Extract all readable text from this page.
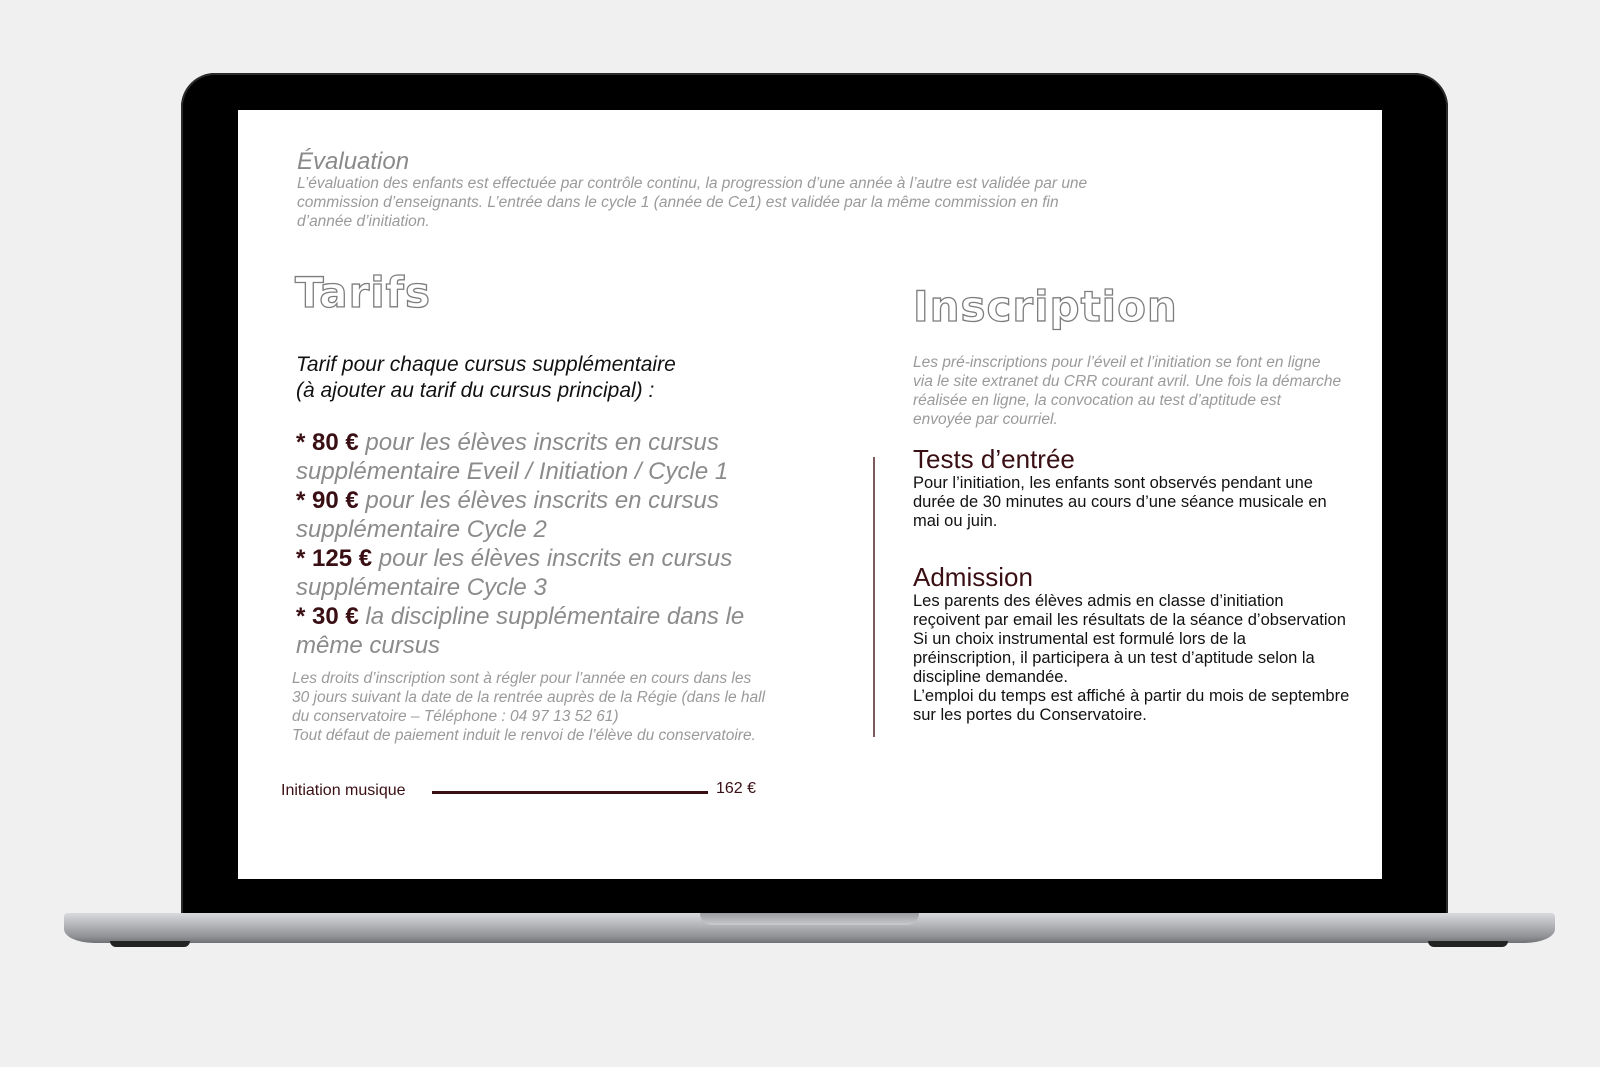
Évaluation
L’évaluation des enfants est effectuée par contrôle continu, la progression d’une année à l’autre est validée par une commission d’enseignants. L’entrée dans le cycle 1 (année de Ce1) est validée par la même commission en fin d’année d’initiation.
Tarifs
Tarif pour chaque cursus supplémentaire
(à ajouter au tarif du cursus principal) :

* 80 € pour les élèves inscrits en cursus supplémentaire Eveil / Initiation / Cycle 1

* 90 € pour les élèves inscrits en cursus supplémentaire Cycle 2

* 125 € pour les élèves inscrits en cursus supplémentaire Cycle 3

* 30 € la discipline supplémentaire dans le même cursus

Les droits d’inscription sont à régler pour l’année en cours dans les 30 jours suivant la date de la rentrée auprès de la Régie (dans le hall du conservatoire – Téléphone : 04 97 13 52 61)
Tout défaut de paiement induit le renvoi de l’élève du conservatoire.
Initiation musique	162 €
Inscription
Les pré-inscriptions pour l’éveil et l’initiation se font en ligne via le site extranet du CRR courant avril. Une fois la démarche réalisée en ligne, la convocation au test d’aptitude est envoyée par courriel.
Tests d’entrée
Pour l’initiation, les enfants sont observés pendant une durée de 30 minutes au cours d’une séance musicale en mai ou juin.
Admission

Les parents des élèves admis en classe d’initiation reçoivent par email les résultats de la séance d’observation

Si un choix instrumental est formulé lors de la préinscription, il participera à un test d’aptitude selon la discipline demandée.

L’emploi du temps est affiché à partir du mois de septembre sur les portes du Conservatoire.
